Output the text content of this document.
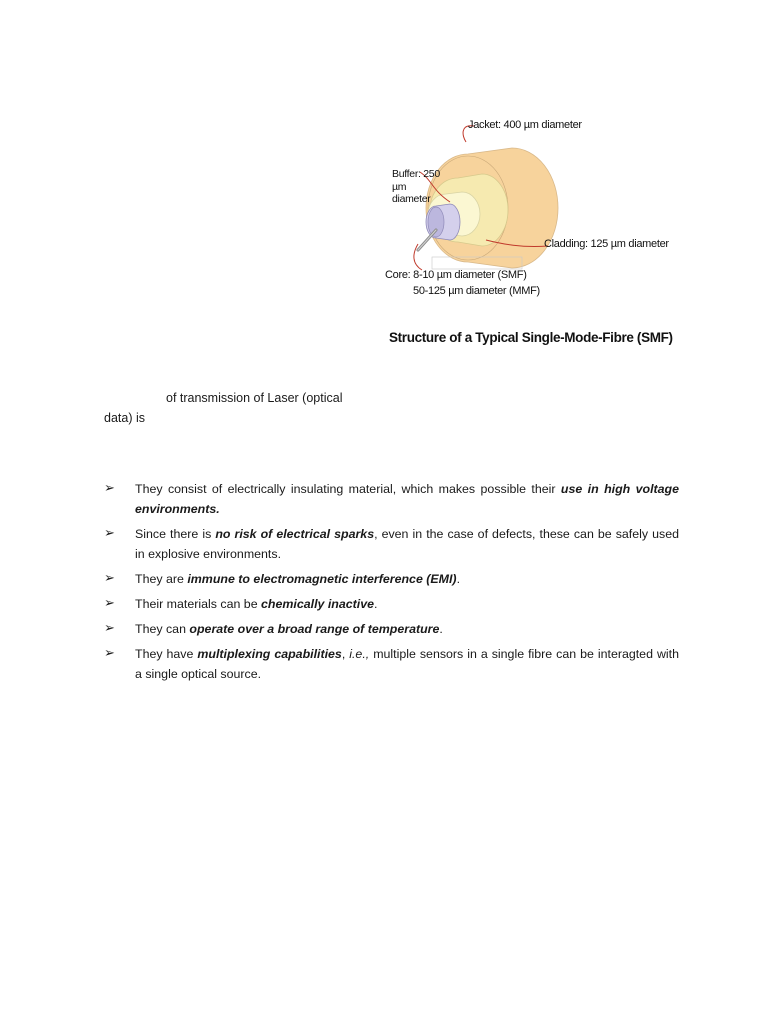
Jacket: 400 µm diameter
Buffer: 250 µm diameter
Cladding: 125 µm diameter
Core: 8-10 µm diameter (SMF)
50-125 µm diameter (MMF)
Structure of a Typical Single-Mode-Fibre (SMF)
of transmission of Laser (optical
data) is
➢ They consist of electrically insulating material, which makes possible their use in high voltage environments.
➢ Since there is no risk of electrical sparks, even in the case of defects, these can be safely used in explosive environments.
➢ They are immune to electromagnetic interference (EMI).
➢ Their materials can be chemically inactive.
➢ They can operate over a broad range of temperature.
➢ They have multiplexing capabilities, i.e., multiple sensors in a single fibre can be interagted with a single optical source.
